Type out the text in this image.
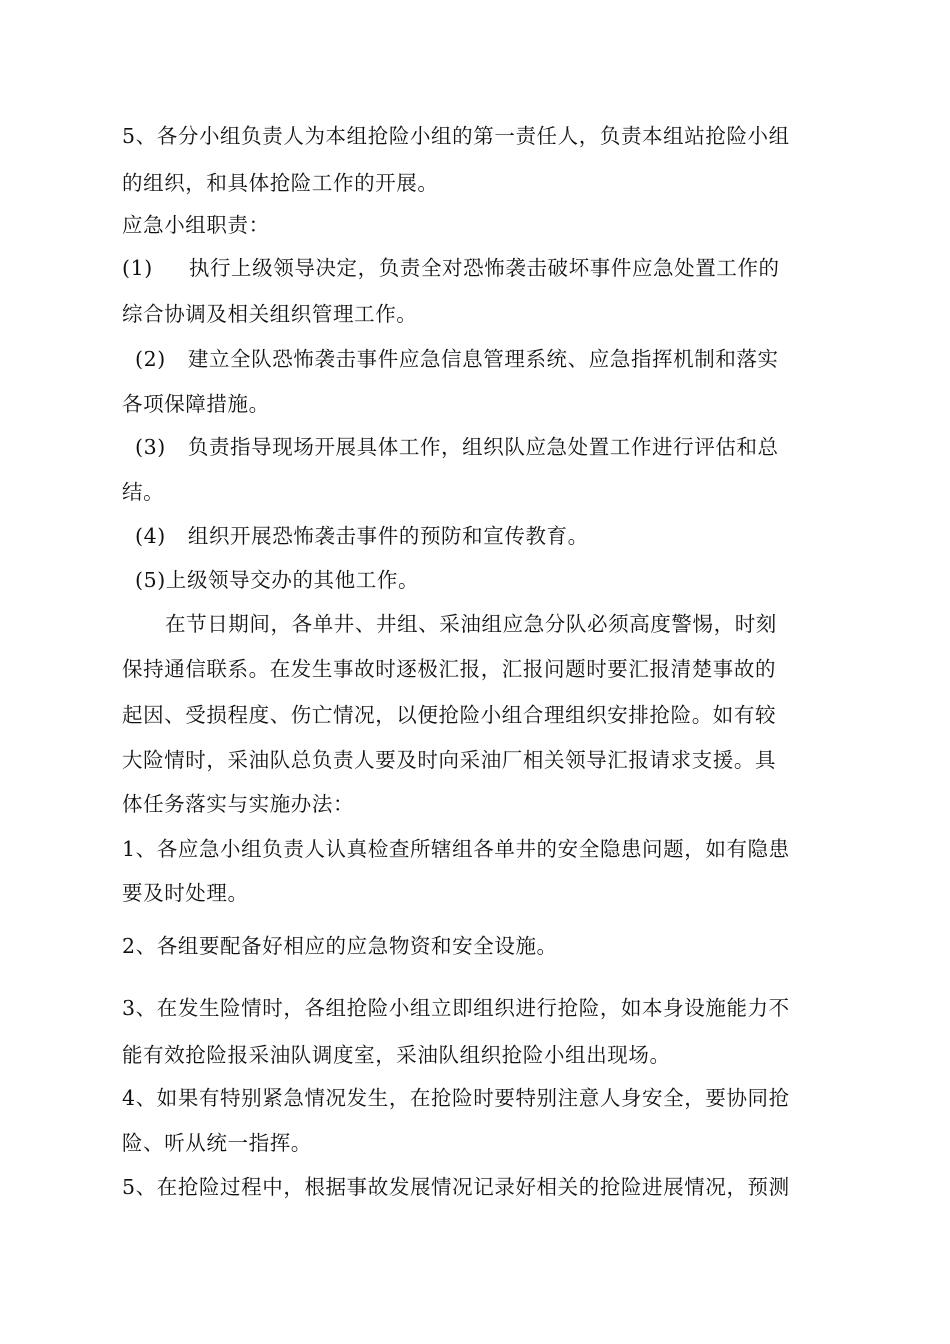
5、各分小组负责人为本组抢险小组的第一责任人，负责本组站抢险小组
的组织，和具体抢险工作的开展。
应急小组职责：
(1) 执行上级领导决定，负责全对恐怖袭击破坏事件应急处置工作的
综合协调及相关组织管理工作。
(2) 建立全队恐怖袭击事件应急信息管理系统、应急指挥机制和落实
各项保障措施。
(3) 负责指导现场开展具体工作，组织队应急处置工作进行评估和总
结。
(4) 组织开展恐怖袭击事件的预防和宣传教育。
(5)上级领导交办的其他工作。
在节日期间，各单井、井组、采油组应急分队必须高度警惕，时刻
保持通信联系。在发生事故时逐极汇报，汇报问题时要汇报清楚事故的
起因、受损程度、伤亡情况，以便抢险小组合理组织安排抢险。如有较
大险情时，采油队总负责人要及时向采油厂相关领导汇报请求支援。具
体任务落实与实施办法：
1、各应急小组负责人认真检查所辖组各单井的安全隐患问题，如有隐患
要及时处理。
2、各组要配备好相应的应急物资和安全设施。
3、在发生险情时，各组抢险小组立即组织进行抢险，如本身设施能力不
能有效抢险报采油队调度室，采油队组织抢险小组出现场。
4、如果有特别紧急情况发生，在抢险时要特别注意人身安全，要协同抢
险、听从统一指挥。
5、在抢险过程中，根据事故发展情况记录好相关的抢险进展情况，预测
